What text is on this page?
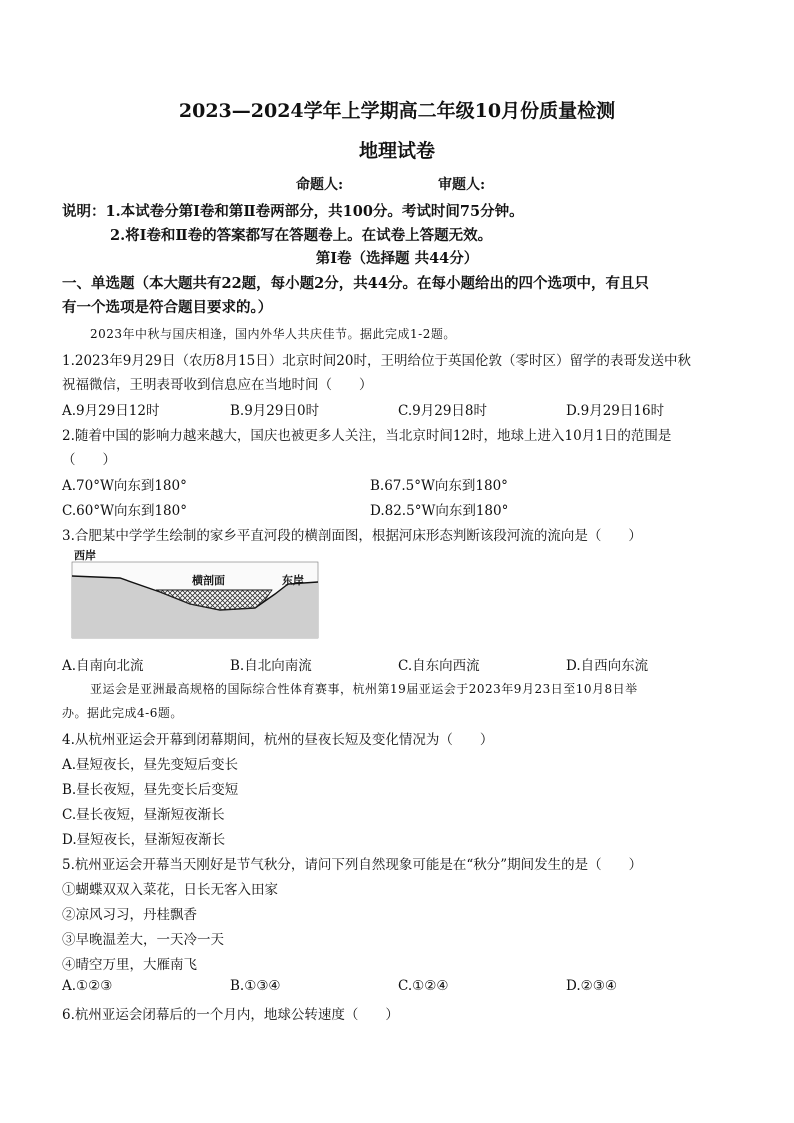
2023—2024学年上学期高二年级10月份质量检测
地理试卷
命题人:	审题人:
说明：1.本试卷分第Ⅰ卷和第Ⅱ卷两部分，共100分。考试时间75分钟。
2.将Ⅰ卷和Ⅱ卷的答案都写在答题卷上。在试卷上答题无效。
第Ⅰ卷（选择题 共44分）
一、单选题（本大题共有22题，每小题2分，共44分。在每小题给出的四个选项中，有且只
有一个选项是符合题目要求的。）
2023年中秋与国庆相逢，国内外华人共庆佳节。据此完成1-2题。
1.2023年9月29日（农历8月15日）北京时间20时，王明给位于英国伦敦（零时区）留学的表哥发送中秋
祝福微信，王明表哥收到信息应在当地时间（　　）
A.9月29日12时	B.9月29日0时	C.9月29日8时	D.9月29日16时
2.随着中国的影响力越来越大，国庆也被更多人关注，当北京时间12时，地球上进入10月1日的范围是
（　　）
A.70°W向东到180°	B.67.5°W向东到180°
C.60°W向东到180°	D.82.5°W向东到180°
3.合肥某中学学生绘制的家乡平直河段的横剖面图，根据河床形态判断该段河流的流向是（　　）
西岸
横剖面	东岸
A.自南向北流	B.自北向南流	C.自东向西流	D.自西向东流
亚运会是亚洲最高规格的国际综合性体育赛事，杭州第19届亚运会于2023年9月23日至10月8日举
办。据此完成4-6题。
4.从杭州亚运会开幕到闭幕期间，杭州的昼夜长短及变化情况为（　　）
A.昼短夜长，昼先变短后变长
B.昼长夜短，昼先变长后变短
C.昼长夜短，昼渐短夜渐长
D.昼短夜长，昼渐短夜渐长
5.杭州亚运会开幕当天刚好是节气秋分，请问下列自然现象可能是在“秋分”期间发生的是（　　）
①蝴蝶双双入菜花，日长无客入田家
②凉风习习，丹桂飘香
③早晚温差大，一天冷一天
④晴空万里，大雁南飞
A.①②③	B.①③④	C.①②④	D.②③④
6.杭州亚运会闭幕后的一个月内，地球公转速度（　　）
